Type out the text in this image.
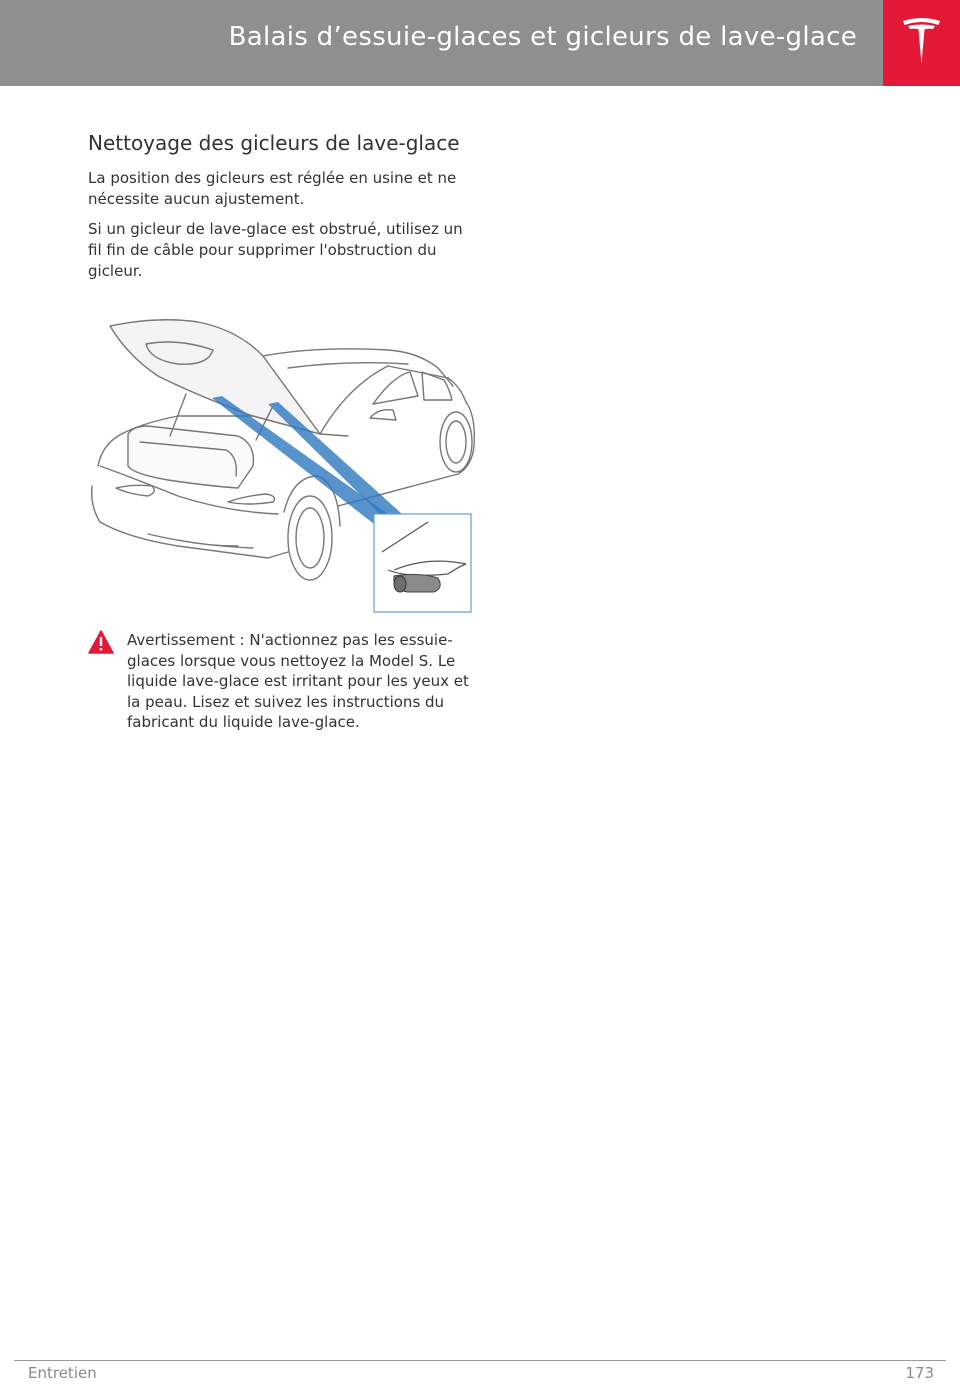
Balais d’essuie-glaces et gicleurs de lave-glace
Nettoyage des gicleurs de lave-glace

La position des gicleurs est réglée en usine et ne nécessite aucun ajustement.

Si un gicleur de lave-glace est obstrué, utilisez un fil fin de câble pour supprimer l'obstruction du gicleur.

Avertissement : N'actionnez pas les essuie-glaces lorsque vous nettoyez la Model S. Le liquide lave-glace est irritant pour les yeux et la peau. Lisez et suivez les instructions du fabricant du liquide lave-glace.
Entretien	173
